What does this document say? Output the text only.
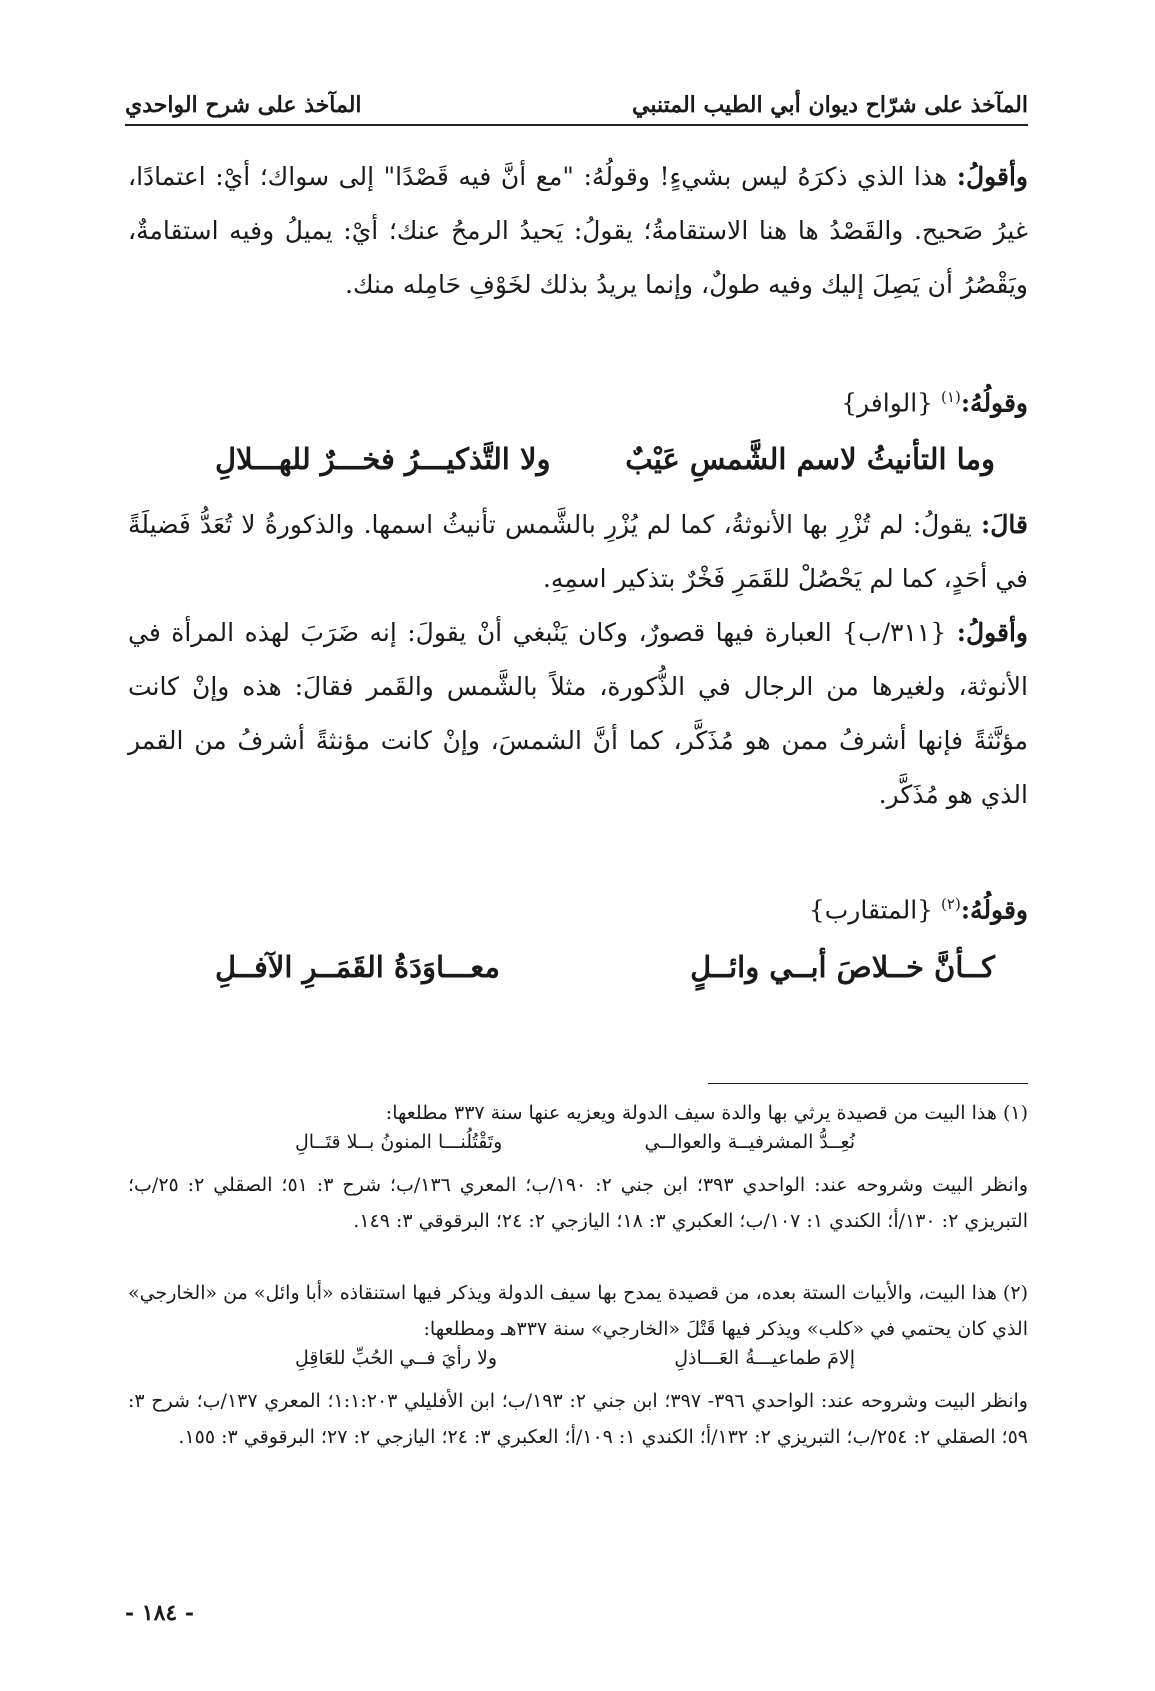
المآخذ على شرّاح ديوان أبي الطيب المتنبي
المآخذ على شرح الواحدي
وأقولُ: هذا الذي ذكرَهُ ليس بشيءٍ! وقولُهُ: "مع أنَّ فيه قَصْدًا" إلى سواك؛ أيْ: اعتمادًا، غيرُ صَحيح. والقَصْدُ ها هنا الاستقامةُ؛ يقولُ: يَحيدُ الرمحُ عنك؛ أيْ: يميلُ وفيه استقامةٌ، ويَقْصُرُ أن يَصِلَ إليك وفيه طولٌ، وإنما يريدُ بذلك لخَوْفِ حَامِله منك.
وقولُهُ:$^{(١)}$ {الوافر}
وما التأنيثُ لاسم الشَّمسِ عَيْبٌ
ولا التَّذكيـــرُ فخـــرٌ للهـــلالِ
قالَ: يقولُ: لم تُزْرِ بها الأنوثةُ، كما لم يُزْرِ بالشَّمس تأنيثُ اسمها. والذكورةُ لا تُعَدُّ فَضيلَةً في أحَدٍ، كما لم يَحْصُلْ للقَمَرِ فَخْرٌ بتذكير اسمِهِ.
وأقولُ: {٣١١/ب} العبارة فيها قصورٌ، وكان يَنْبغي أنْ يقولَ: إنه ضَرَبَ لهذه المرأة في الأنوثة، ولغيرها من الرجال في الذُّكورة، مثلاً بالشَّمس والقَمر فقالَ: هذه وإنْ كانت مؤنَّثةً فإنها أشرفُ ممن هو مُذَكَّر، كما أنَّ الشمسَ، وإنْ كانت مؤنثةً أشرفُ من القمر الذي هو مُذَكَّر.
وقولُهُ:$^{(٢)}$ {المتقارب}
كــأنَّ خــلاصَ أبــي وائــلٍ
معـــاوَدَةُ القَمَــرِ الآفــلِ
(١) هذا البيت من قصيدة يرثي بها والدة سيف الدولة ويعزيه عنها سنة ٣٣٧ مطلعها:
نُعِــدُّ المشرفيــة والعوالــي
وتَقْتُلُنـــا المنونُ بــلا قتَــالِ
وانظر البيت وشروحه عند: الواحدي ٣٩٣؛ ابن جني ٢: ١٩٠/ب؛ المعري ١٣٦/ب؛ شرح ٣: ٥١؛ الصقلي ٢: ٢٥/ب؛ التبريزي ٢: ١٣٠/أ؛ الكندي ١: ١٠٧/ب؛ العكبري ٣: ١٨؛ اليازجي ٢: ٢٤؛ البرقوقي ٣: ١٤٩.
(٢) هذا البيت، والأبيات الستة بعده، من قصيدة يمدح بها سيف الدولة ويذكر فيها استنقاذه «أبا وائل» من «الخارجي» الذي كان يحتمي في «كلب» ويذكر فيها قَتْلَ «الخارجي» سنة ٣٣٧هـ ومطلعها:
إلامَ طماعيـــةُ العَـــاذلِ
ولا رأيَ فــي الحُبِّ للعَاقِلِ
وانظر البيت وشروحه عند: الواحدي ٣٩٦- ٣٩٧؛ ابن جني ٢: ١٩٣/ب؛ ابن الأفليلي ١:١:٢٠٣؛ المعري ١٣٧/ب؛ شرح ٣: ٥٩؛ الصقلي ٢: ٢٥٤/ب؛ التبريزي ٢: ١٣٢/أ؛ الكندي ١: ١٠٩/أ؛ العكبري ٣: ٢٤؛ اليازجي ٢: ٢٧؛ البرقوقي ٣: ١٥٥.
- ١٨٤ -
